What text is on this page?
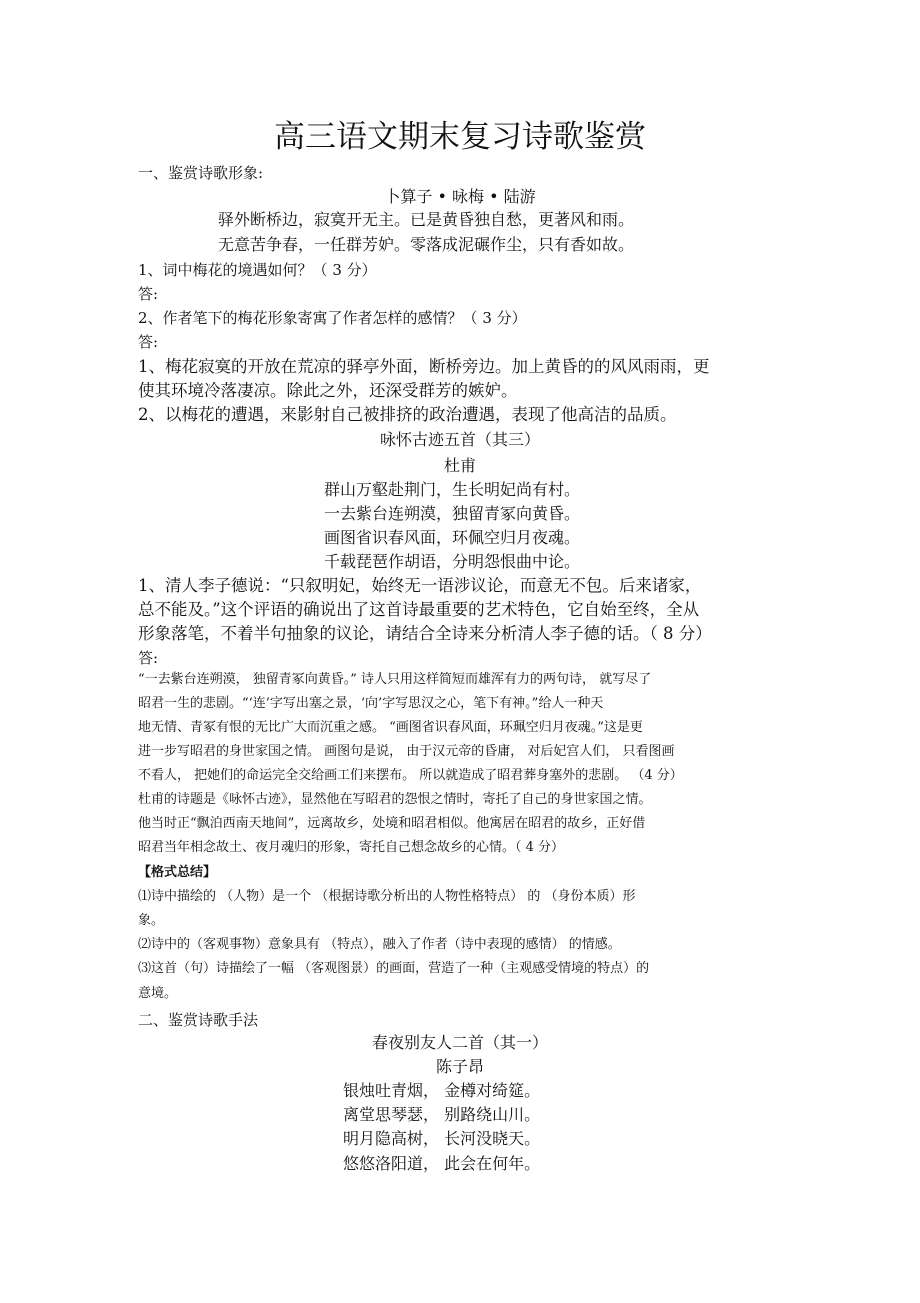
高三语文期末复习诗歌鉴赏
一、鉴赏诗歌形象:
卜算子 • 咏梅 • 陆游
驿外断桥边，寂寞开无主。已是黄昏独自愁，更著风和雨。
无意苦争春，一任群芳妒。零落成泥碾作尘，只有香如故。
1、词中梅花的境遇如何？（ 3 分）
答:
2、作者笔下的梅花形象寄寓了作者怎样的感情？（ 3 分）
答:
1、梅花寂寞的开放在荒凉的驿亭外面，断桥旁边。加上黄昏的的风风雨雨，更
使其环境冷落凄凉。除此之外，还深受群芳的嫉妒。
2、以梅花的遭遇，来影射自己被排挤的政治遭遇，表现了他高洁的品质。
咏怀古迹五首（其三）
杜甫
群山万壑赴荆门，生长明妃尚有村。
一去紫台连朔漠，独留青冢向黄昏。
画图省识春风面，环佩空归月夜魂。
千载琵琶作胡语，分明怨恨曲中论。
1、清人李子德说：“只叙明妃，始终无一语涉议论，而意无不包。后来诸家，
总不能及。”这个评语的确说出了这首诗最重要的艺术特色，它自始至终，全从
形象落笔，不着半句抽象的议论，请结合全诗来分析清人李子德的话。（ 8 分）
答:
“一去紫台连朔漠， 独留青冢向黄昏。” 诗人只用这样简短而雄浑有力的两句诗， 就写尽了
昭君一生的悲剧。“‘连’字写出塞之景，‘向’字写思汉之心，笔下有神。”给人一种天
地无情、青冢有恨的无比广大而沉重之感。 “画图省识春风面，环珮空归月夜魂。”这是更
进一步写昭君的身世家国之情。 画图句是说， 由于汉元帝的昏庸， 对后妃宫人们， 只看图画
不看人， 把她们的命运完全交给画工们来摆布。 所以就造成了昭君葬身塞外的悲剧。 （4 分）
杜甫的诗题是《咏怀古迹》，显然他在写昭君的怨恨之情时，寄托了自己的身世家国之情。
他当时正“飘泊西南天地间”，远离故乡，处境和昭君相似。他寓居在昭君的故乡，正好借
昭君当年相念故土、夜月魂归的形象，寄托自己想念故乡的心情。（ 4 分）
【格式总结】
⑴诗中描绘的 （人物）是一个 （根据诗歌分析出的人物性格特点） 的 （身份本质）形
象。
⑵诗中的（客观事物）意象具有 （特点），融入了作者（诗中表现的感情） 的情感。
⑶这首（句）诗描绘了一幅 （客观图景）的画面，营造了一种（主观感受情境的特点）的
意境。
二、鉴赏诗歌手法
春夜别友人二首（其一）
陈子昂
银烛吐青烟， 金樽对绮筵。
离堂思琴瑟， 别路绕山川。
明月隐高树， 长河没晓天。
悠悠洛阳道， 此会在何年。
